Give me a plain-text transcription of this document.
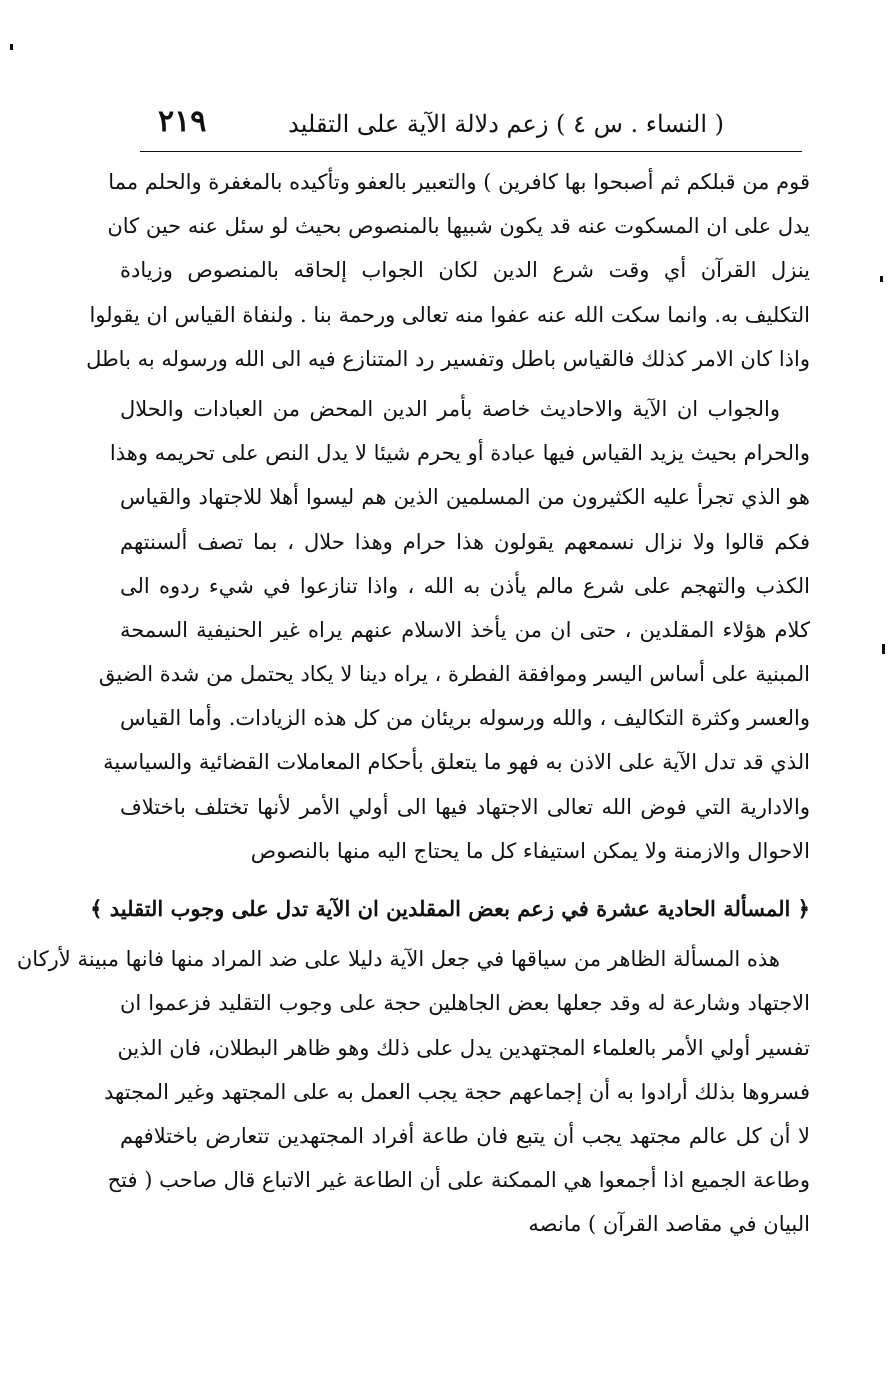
( النساء . س ٤ ) زعم دلالة الآية على التقليد
٢١٩
قوم من قبلكم ثم أصبحوا بها كافرين ) والتعبير بالعفو وتأكيده بالمغفرة والحلم مما
يدل على ان المسكوت عنه قد يكون شبيها بالمنصوص بحيث لو سئل عنه حين كان
ينزل القرآن أي وقت شرع الدين لكان الجواب إلحاقه بالمنصوص وزيادة
التكليف به. وانما سكت الله عنه عفوا منه تعالى ورحمة بنا . ولنفاة القياس ان يقولوا
واذا كان الامر كذلك فالقياس باطل وتفسير رد المتنازع فيه الى الله ورسوله به باطل
والجواب ان الآية والاحاديث خاصة بأمر الدين المحض من العبادات والحلال
والحرام بحيث يزيد القياس فيها عبادة أو يحرم شيئا لا يدل النص على تحريمه وهذا
هو الذي تجرأ عليه الكثيرون من المسلمين الذين هم ليسوا أهلا للاجتهاد والقياس
فكم قالوا ولا نزال نسمعهم يقولون هذا حرام وهذا حلال ، بما تصف ألسنتهم
الكذب والتهجم على شرع مالم يأذن به الله ، واذا تنازعوا في شيء ردوه الى
كلام هؤلاء المقلدين ، حتى ان من يأخذ الاسلام عنهم يراه غير الحنيفية السمحة
المبنية على أساس اليسر وموافقة الفطرة ، يراه دينا لا يكاد يحتمل من شدة الضيق
والعسر وكثرة التكاليف ، والله ورسوله بريئان من كل هذه الزيادات. وأما القياس
الذي قد تدل الآية على الاذن به فهو ما يتعلق بأحكام المعاملات القضائية والسياسية
والادارية التي فوض الله تعالى الاجتهاد فيها الى أولي الأمر لأنها تختلف باختلاف
الاحوال والازمنة ولا يمكن استيفاء كل ما يحتاج اليه منها بالنصوص
﴿ المسألة الحادية عشرة في زعم بعض المقلدين ان الآية تدل على وجوب التقليد ﴾
هذه المسألة الظاهر من سياقها في جعل الآية دليلا على ضد المراد منها فانها مبينة لأركان
الاجتهاد وشارعة له وقد جعلها بعض الجاهلين حجة على وجوب التقليد فزعموا ان
تفسير أولي الأمر بالعلماء المجتهدين يدل على ذلك وهو ظاهر البطلان، فان الذين
فسروها بذلك أرادوا به أن إجماعهم حجة يجب العمل به على المجتهد وغير المجتهد
لا أن كل عالم مجتهد يجب أن يتبع فان طاعة أفراد المجتهدين تتعارض باختلافهم
وطاعة الجميع اذا أجمعوا هي الممكنة على أن الطاعة غير الاتباع قال صاحب ( فتح
البيان في مقاصد القرآن ) مانصه
